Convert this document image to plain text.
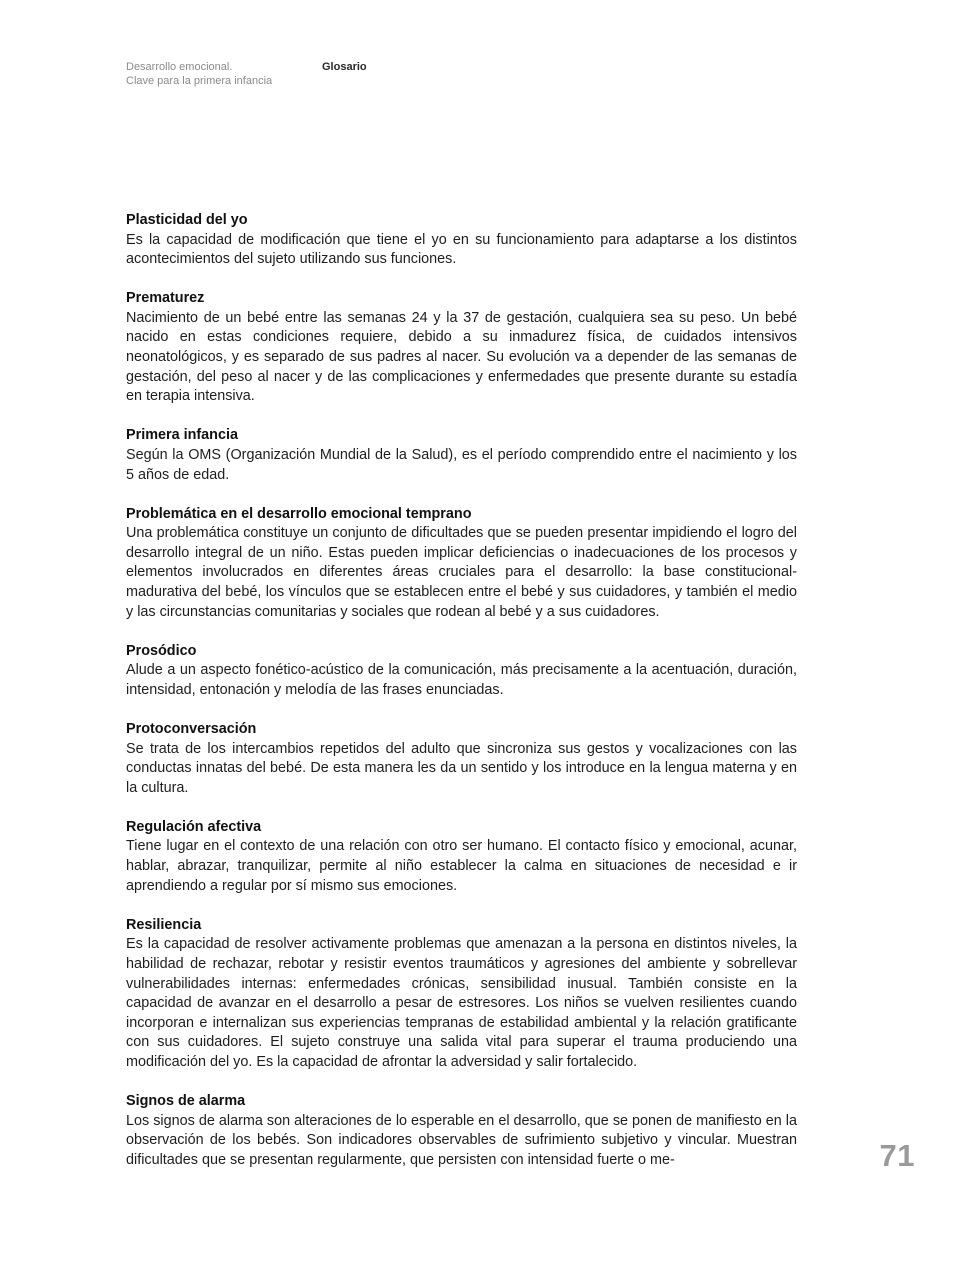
Desarrollo emocional.
Clave para la primera infancia
Glosario
Plasticidad del yo
Es la capacidad de modificación que tiene el yo en su funcionamiento para adaptarse a los distintos acontecimientos del sujeto utilizando sus funciones.
Prematurez
Nacimiento de un bebé entre las semanas 24 y la 37 de gestación, cualquiera sea su peso. Un bebé nacido en estas condiciones requiere, debido a su inmadurez física, de cuidados intensivos neonatológicos, y es separado de sus padres al nacer. Su evolución va a depender de las semanas de gestación, del peso al nacer y de las complicaciones y enfermedades que presente durante su estadía en terapia intensiva.
Primera infancia
Según la OMS (Organización Mundial de la Salud), es el período comprendido entre el nacimiento y los 5 años de edad.
Problemática en el desarrollo emocional temprano
Una problemática constituye un conjunto de dificultades que se pueden presentar impidiendo el logro del desarrollo integral de un niño. Estas pueden implicar deficiencias o inadecuaciones de los procesos y elementos involucrados en diferentes áreas cruciales para el desarrollo: la base constitucional-madurativa del bebé, los vínculos que se establecen entre el bebé y sus cuidadores, y también el medio y las circunstancias comunitarias y sociales que rodean al bebé y a sus cuidadores.
Prosódico
Alude a un aspecto fonético-acústico de la comunicación, más precisamente a la acentuación, duración, intensidad, entonación y melodía de las frases enunciadas.
Protoconversación
Se trata de los intercambios repetidos del adulto que sincroniza sus gestos y vocalizaciones con las conductas innatas del bebé. De esta manera les da un sentido y los introduce en la lengua materna y en la cultura.
Regulación afectiva
Tiene lugar en el contexto de una relación con otro ser humano. El contacto físico y emocional, acunar, hablar, abrazar, tranquilizar, permite al niño establecer la calma en situaciones de necesidad e ir aprendiendo a regular por sí mismo sus emociones.
Resiliencia
Es la capacidad de resolver activamente problemas que amenazan a la persona en distintos niveles, la habilidad de rechazar, rebotar y resistir eventos traumáticos y agresiones del ambiente y sobrellevar vulnerabilidades internas: enfermedades crónicas, sensibilidad inusual. También consiste en la capacidad de avanzar en el desarrollo a pesar de estresores. Los niños se vuelven resilientes cuando incorporan e internalizan sus experiencias tempranas de estabilidad ambiental y la relación gratificante con sus cuidadores. El sujeto construye una salida vital para superar el trauma produciendo una modificación del yo. Es la capacidad de afrontar la adversidad y salir fortalecido.
Signos de alarma
Los signos de alarma son alteraciones de lo esperable en el desarrollo, que se ponen de manifiesto en la observación de los bebés. Son indicadores observables de sufrimiento subjetivo y vincular. Muestran dificultades que se presentan regularmente, que persisten con intensidad fuerte o me-	71
